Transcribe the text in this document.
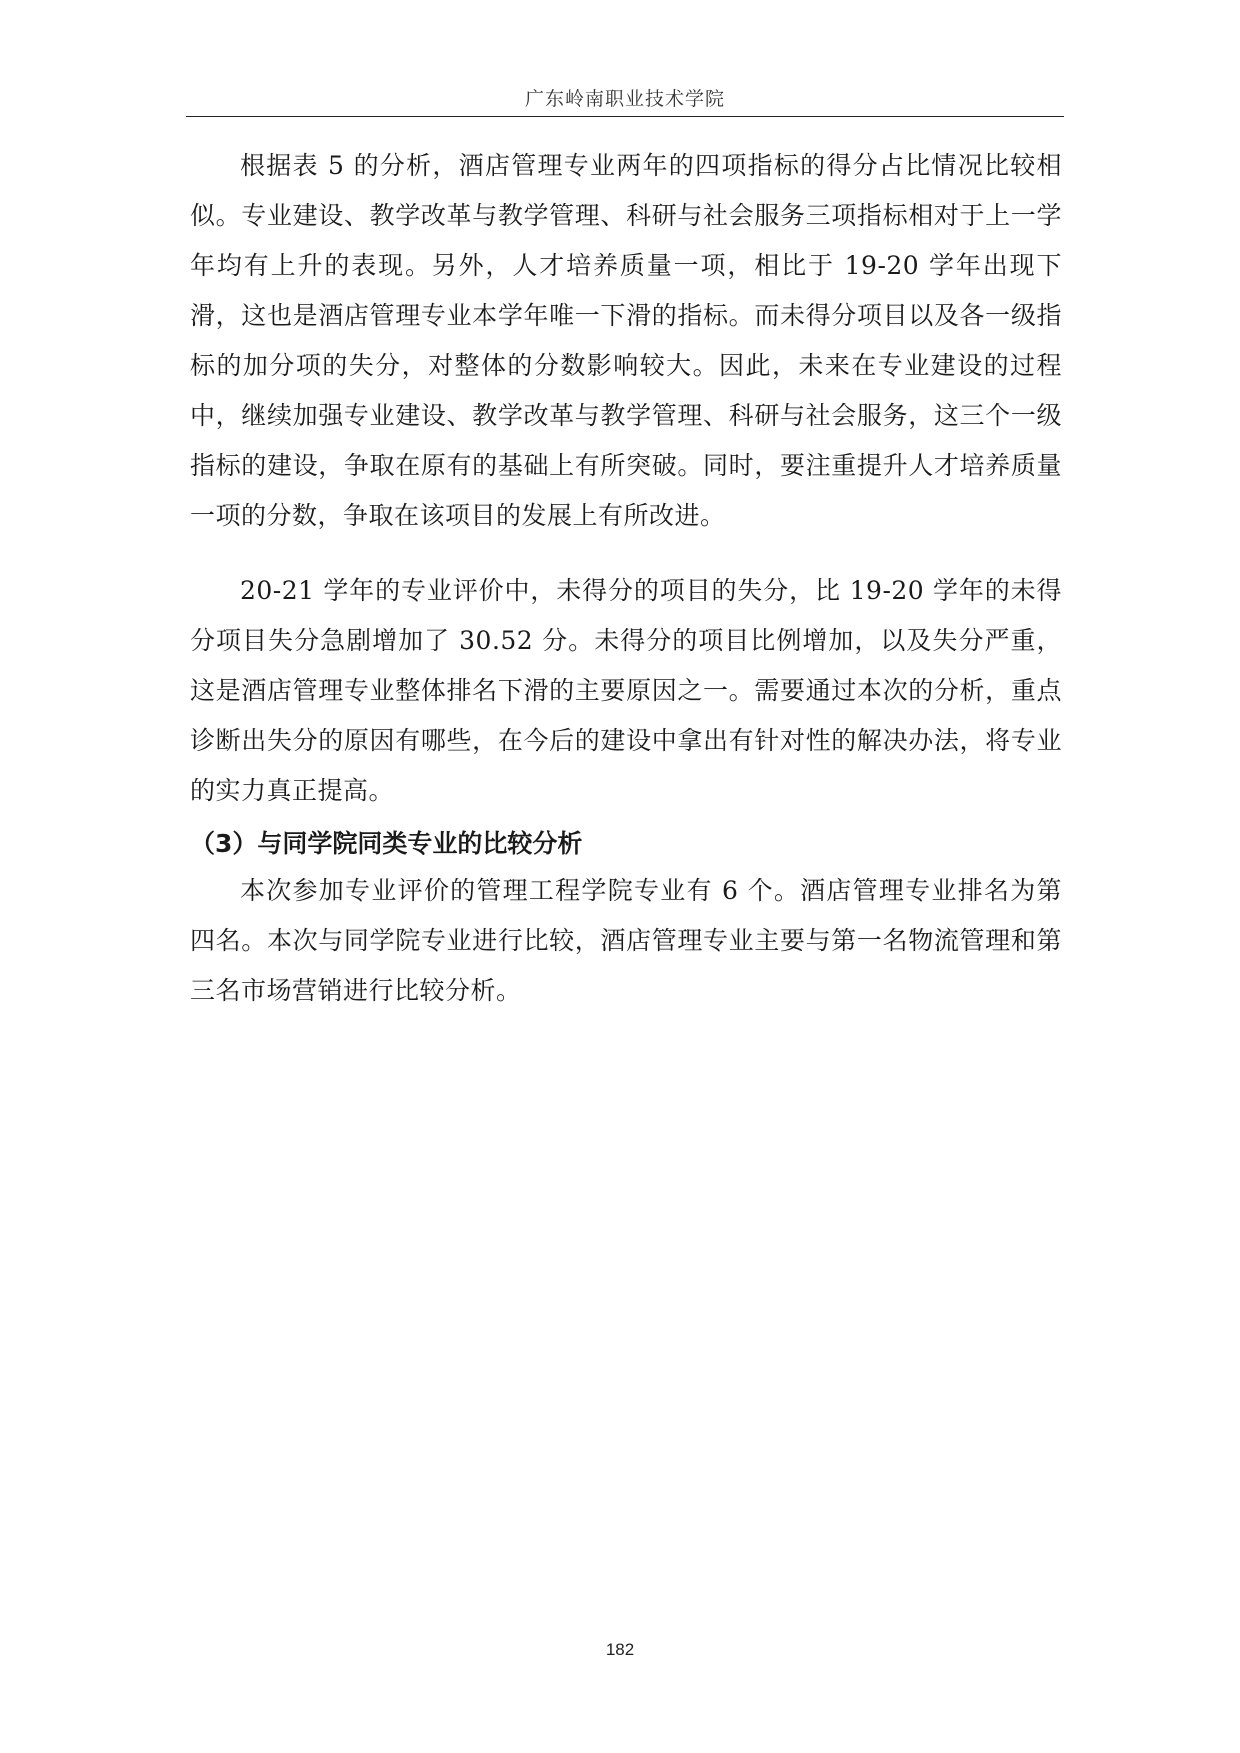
广东岭南职业技术学院

根据表 5 的分析，酒店管理专业两年的四项指标的得分占比情况比较相似。专业建设、教学改革与教学管理、科研与社会服务三项指标相对于上一学年均有上升的表现。另外，人才培养质量一项，相比于 19-20 学年出现下滑，这也是酒店管理专业本学年唯一下滑的指标。而未得分项目以及各一级指标的加分项的失分，对整体的分数影响较大。因此，未来在专业建设的过程中，继续加强专业建设、教学改革与教学管理、科研与社会服务，这三个一级指标的建设，争取在原有的基础上有所突破。同时，要注重提升人才培养质量一项的分数，争取在该项目的发展上有所改进。

20-21 学年的专业评价中，未得分的项目的失分，比 19-20 学年的未得分项目失分急剧增加了 30.52 分。未得分的项目比例增加，以及失分严重，这是酒店管理专业整体排名下滑的主要原因之一。需要通过本次的分析，重点诊断出失分的原因有哪些，在今后的建设中拿出有针对性的解决办法，将专业的实力真正提高。

（3）与同学院同类专业的比较分析

本次参加专业评价的管理工程学院专业有 6 个。酒店管理专业排名为第四名。本次与同学院专业进行比较，酒店管理专业主要与第一名物流管理和第三名市场营销进行比较分析。

182
